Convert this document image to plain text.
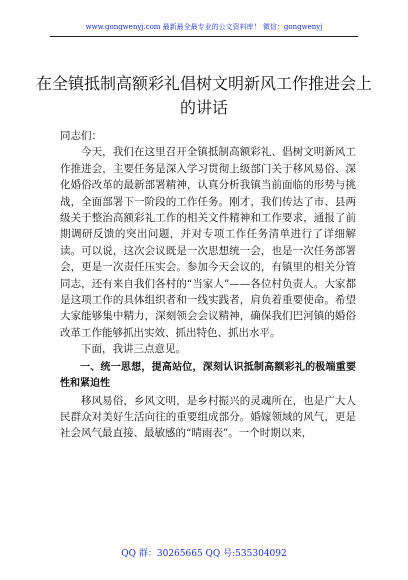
www.gongwenyj.com 最新最全最专业的公文资料库！ 微信：gongwenyj
在全镇抵制高额彩礼倡树文明新风工作推进会上的讲话

同志们：

今天，我们在这里召开全镇抵制高额彩礼、倡树文明新风工作推进会，主要任务是深入学习贯彻上级部门关于移风易俗、深化婚俗改革的最新部署精神，认真分析我镇当前面临的形势与挑战，全面部署下一阶段的工作任务。刚才，我们传达了市、县两级关于整治高额彩礼工作的相关文件精神和工作要求，通报了前期调研反馈的突出问题，并对专项工作任务清单进行了详细解读。可以说，这次会议既是一次思想统一会，也是一次任务部署会，更是一次责任压实会。参加今天会议的，有镇里的相关分管同志，还有来自我们各村的“当家人”——各位村负责人。大家都是这项工作的具体组织者和一线实践者，肩负着重要使命。希望大家能够集中精力，深刻领会会议精神，确保我们巴河镇的婚俗改革工作能够抓出实效、抓出特色、抓出水平。

下面，我讲三点意见。

一、统一思想，提高站位，深刻认识抵制高额彩礼的极端重要性和紧迫性

移风易俗，乡风文明，是乡村振兴的灵魂所在，也是广大人民群众对美好生活向往的重要组成部分。婚嫁领域的风气，更是社会风气最直接、最敏感的“晴雨表”。一个时期以来，

QQ 群：30265665 QQ 号:535304092
